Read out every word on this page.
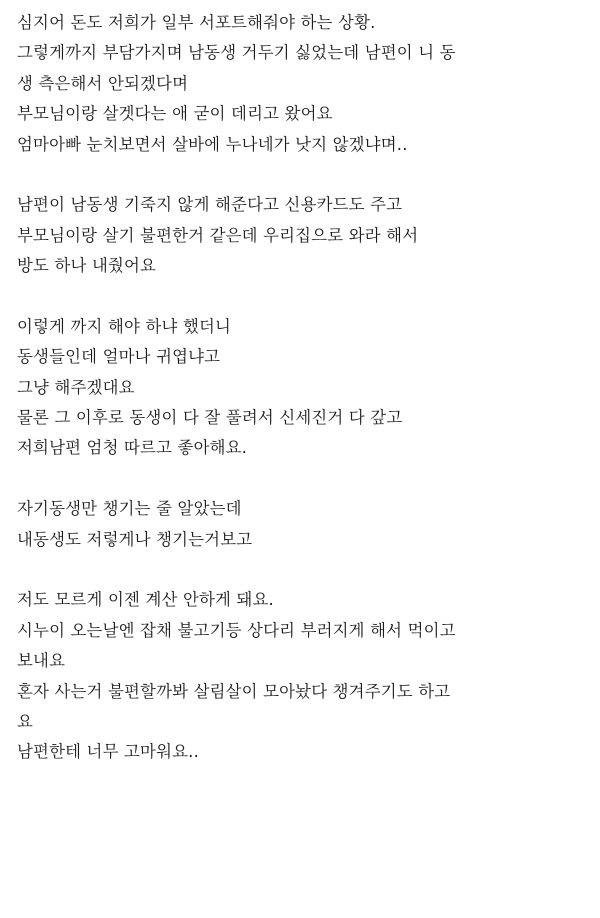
심지어 돈도 저희가 일부 서포트해줘야 하는 상황.
그렇게까지 부담가지며 남동생 거두기 싫었는데 남편이 니 동
생 측은해서 안되겠다며
부모님이랑 살겟다는 애 굳이 데리고 왔어요
엄마아빠 눈치보면서 살바에 누나네가 낫지 않겠냐며..
남편이 남동생 기죽지 않게 해준다고 신용카드도 주고
부모님이랑 살기 불편한거 같은데 우리집으로 와라 해서
방도 하나 내줬어요
이렇게 까지 해야 하냐 했더니
동생들인데 얼마나 귀엽냐고
그냥 해주겠대요
물론 그 이후로 동생이 다 잘 풀려서 신세진거 다 갚고
저희남편 엄청 따르고 좋아해요.
자기동생만 챙기는 줄 알았는데
내동생도 저렇게나 챙기는거보고
저도 모르게 이젠 계산 안하게 돼요.
시누이 오는날엔 잡채 불고기등 상다리 부러지게 해서 먹이고
보내요
혼자 사는거 불편할까봐 살림살이 모아놨다 챙겨주기도 하고
요
남편한테 너무 고마워요..
